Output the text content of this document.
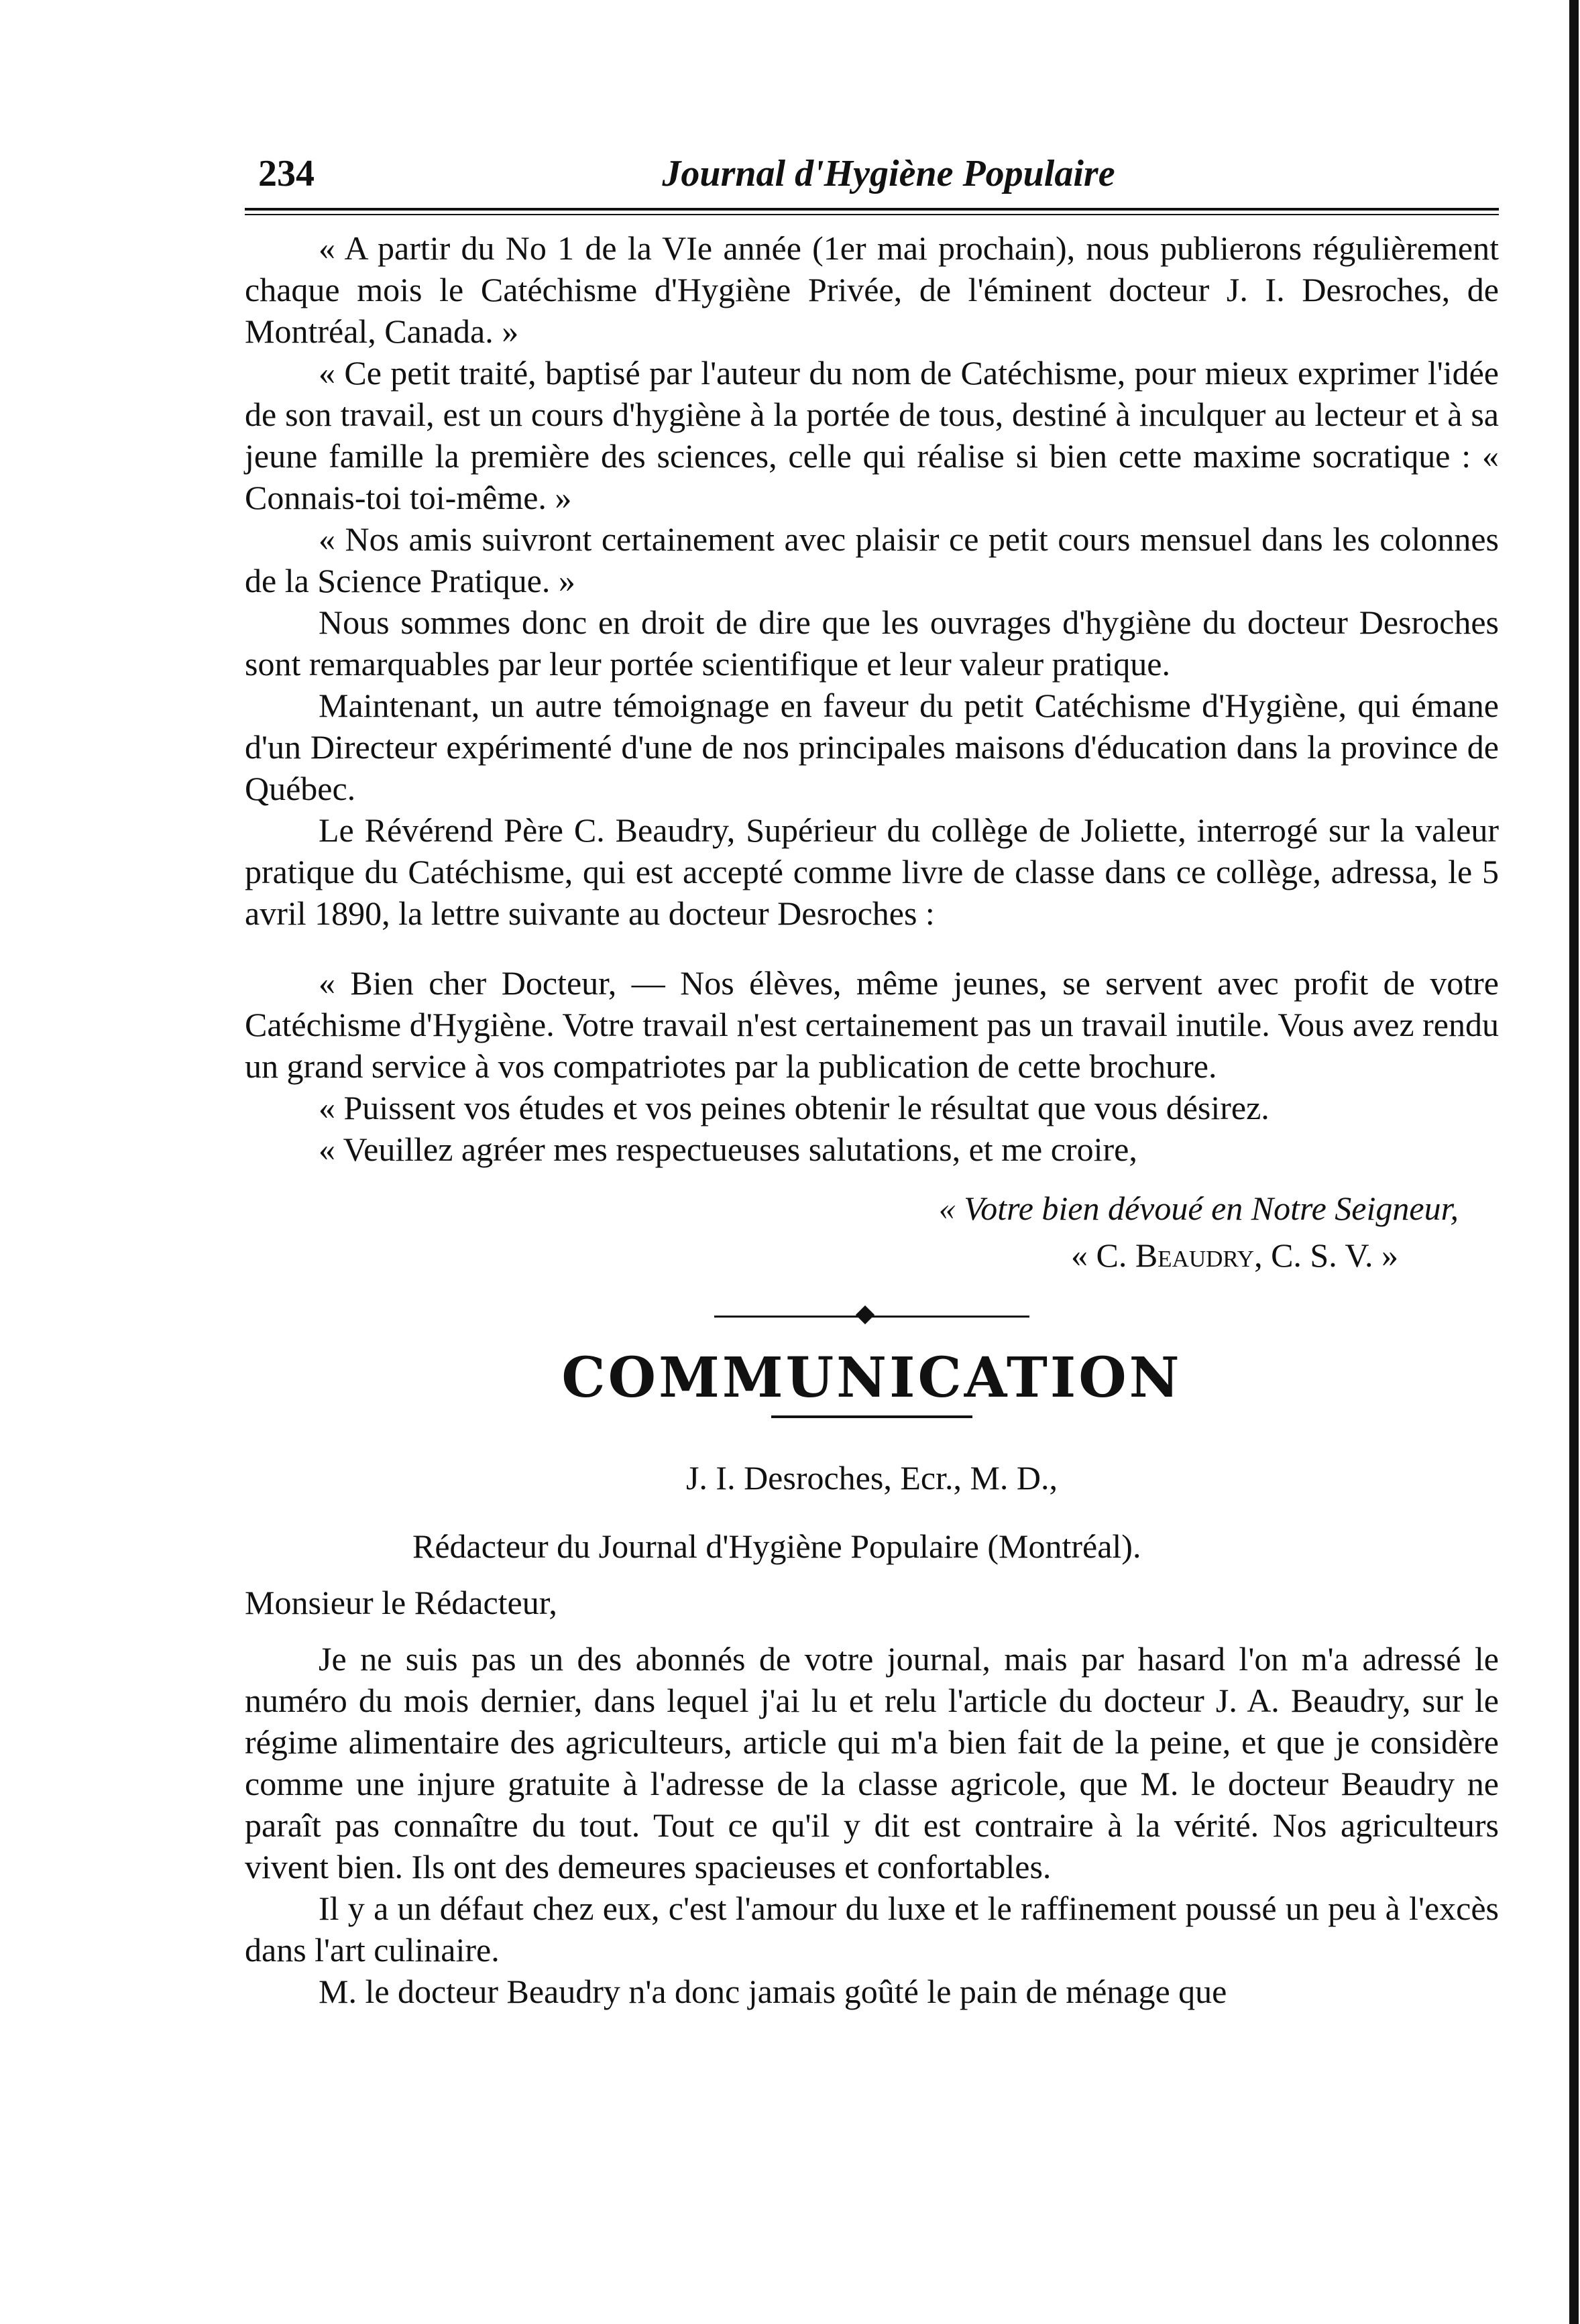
234	Journal d'Hygiène Populaire

« A partir du No 1 de la VIe année (1er mai prochain), nous publierons régulièrement chaque mois le Catéchisme d'Hygiène Privée, de l'éminent docteur J. I. Desroches, de Montréal, Canada. »

« Ce petit traité, baptisé par l'auteur du nom de Catéchisme, pour mieux exprimer l'idée de son travail, est un cours d'hygiène à la portée de tous, destiné à inculquer au lecteur et à sa jeune famille la première des sciences, celle qui réalise si bien cette maxime socratique : « Connais-toi toi-même. »

« Nos amis suivront certainement avec plaisir ce petit cours mensuel dans les colonnes de la Science Pratique. »

Nous sommes donc en droit de dire que les ouvrages d'hygiène du docteur Desroches sont remarquables par leur portée scientifique et leur valeur pratique.

Maintenant, un autre témoignage en faveur du petit Catéchisme d'Hygiène, qui émane d'un Directeur expérimenté d'une de nos principales maisons d'éducation dans la province de Québec.

Le Révérend Père C. Beaudry, Supérieur du collège de Joliette, interrogé sur la valeur pratique du Catéchisme, qui est accepté comme livre de classe dans ce collège, adressa, le 5 avril 1890, la lettre suivante au docteur Desroches :

« Bien cher Docteur, — Nos élèves, même jeunes, se servent avec profit de votre Catéchisme d'Hygiène. Votre travail n'est certainement pas un travail inutile. Vous avez rendu un grand service à vos compatriotes par la publication de cette brochure.

« Puissent vos études et vos peines obtenir le résultat que vous désirez.

« Veuillez agréer mes respectueuses salutations, et me croire,

« Votre bien dévoué en Notre Seigneur,
« C. Beaudry, C. S. V. »
COMMUNICATION
J. I. Desroches, Ecr., M. D.,
Rédacteur du Journal d'Hygiène Populaire (Montréal).
Monsieur le Rédacteur,

Je ne suis pas un des abonnés de votre journal, mais par hasard l'on m'a adressé le numéro du mois dernier, dans lequel j'ai lu et relu l'article du docteur J. A. Beaudry, sur le régime alimentaire des agriculteurs, article qui m'a bien fait de la peine, et que je considère comme une injure gratuite à l'adresse de la classe agricole, que M. le docteur Beaudry ne paraît pas connaître du tout. Tout ce qu'il y dit est contraire à la vérité. Nos agriculteurs vivent bien. Ils ont des demeures spacieuses et confortables.

Il y a un défaut chez eux, c'est l'amour du luxe et le raffinement poussé un peu à l'excès dans l'art culinaire.

M. le docteur Beaudry n'a donc jamais goûté le pain de ménage que
